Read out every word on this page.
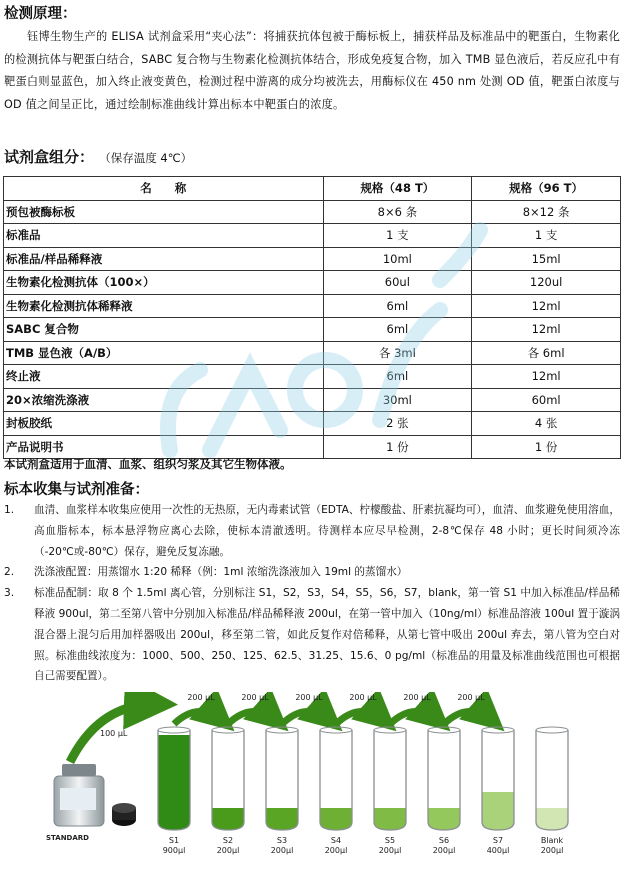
检测原理：
钰博生物生产的 ELISA 试剂盒采用“夹心法”：将捕获抗体包被于酶标板上，捕获样品及标准品中的靶蛋白，生物素化的检测抗体与靶蛋白结合，SABC 复合物与生物素化检测抗体结合，形成免疫复合物，加入 TMB 显色液后，若反应孔中有靶蛋白则显蓝色，加入终止液变黄色，检测过程中游离的成分均被洗去，用酶标仪在 450 nm 处测 OD 值，靶蛋白浓度与 OD 值之间呈正比，通过绘制标准曲线计算出标本中靶蛋白的浓度。
试剂盒组分： （保存温度 4℃）
名　　称	规格（48 T）	规格（96 T）
预包被酶标板	8×6 条	8×12 条
标准品	1 支	1 支
标准品/样品稀释液	10ml	15ml
生物素化检测抗体（100×）	60ul	120ul
生物素化检测抗体稀释液	6ml	12ml
SABC 复合物	6ml	12ml
TMB 显色液（A/B）	各 3ml	各 6ml
终止液	6ml	12ml
20×浓缩洗涤液	30ml	60ml
封板胶纸	2 张	4 张
产品说明书	1 份	1 份
本试剂盒适用于血清、血浆、组织匀浆及其它生物体液。
标本收集与试剂准备：
1. 血清、血浆样本收集应使用一次性的无热原，无内毒素试管（EDTA、柠檬酸盐、肝素抗凝均可），血清、血浆避免使用溶血，高血脂标本，标本悬浮物应离心去除，使标本清澈透明。待测样本应尽早检测，2-8℃保存 48 小时；更长时间须冷冻（-20℃或-80℃）保存，避免反复冻融。
2. 洗涤液配置：用蒸馏水 1:20 稀释（例：1ml 浓缩洗涤液加入 19ml 的蒸馏水）
3. 标准品配制：取 8 个 1.5ml 离心管，分别标注 S1，S2，S3，S4，S5，S6，S7，blank，第一管 S1 中加入标准品/样品稀释液 900ul，第二至第八管中分别加入标准品/样品稀释液 200ul，在第一管中加入（10ng/ml）标准品溶液 100ul 置于漩涡混合器上混匀后用加样器吸出 200ul，移至第二管，如此反复作对倍稀释，从第七管中吸出 200ul 弃去，第八管为空白对照。标准曲线浓度为：1000、500、250、125、62.5、31.25、15.6、0 pg/ml（标准品的用量及标准曲线范围也可根据自己需要配置）。
STANDARD
100 μL
S1
900μl
200 μL
S2
200μl
200 μL
S3
200μl
200 μL
S4
200μl
200 μL
S5
200μl
200 μL
S6
200μl
200 μL
S7
400μl
Blank
200μl
